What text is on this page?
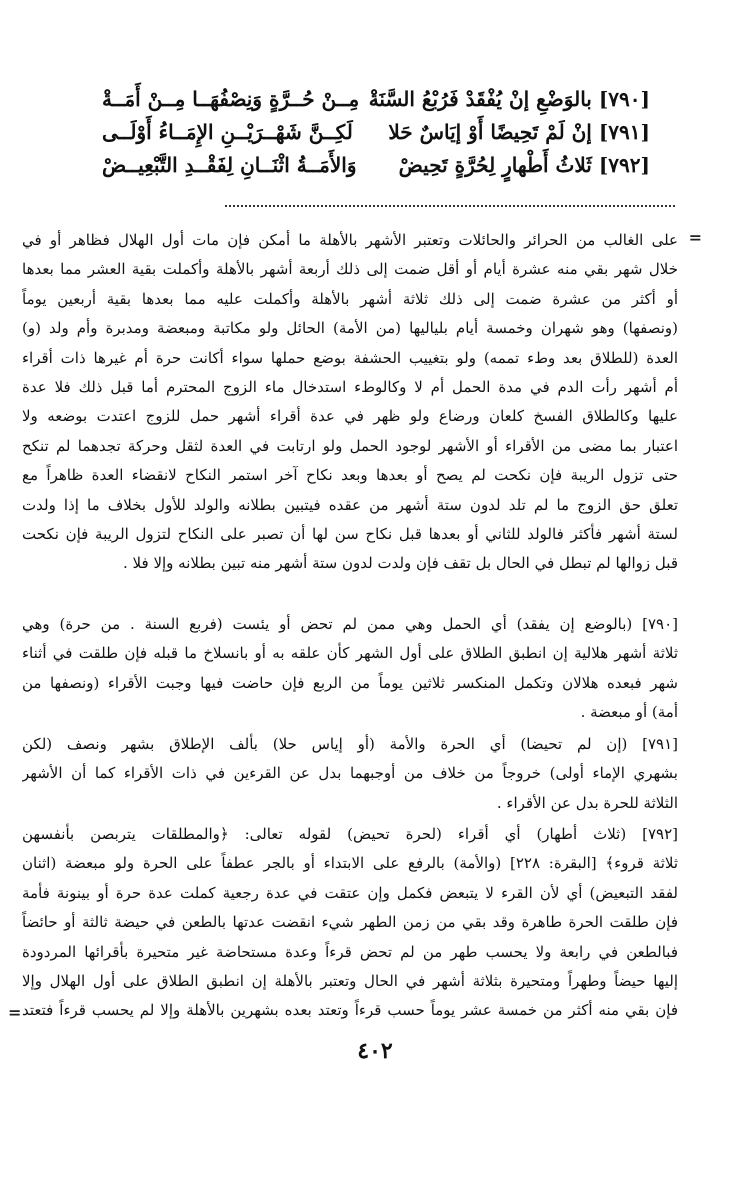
[٧٩٠] بالوَضْعِ إنْ يُفْقَدْ فَرُبْعُ السَّنَةْ
مِــنْ حُــرَّةٍ وَنِصْفُهَــا مِــنْ أَمَــةْ
[٧٩١] إنْ لَمْ تَحِيضًا أَوْ إيَاسٌ حَلا
لَكِــنَّ شَهْــرَيْــنِ الإِمَــاءُ أَوْلَــى
[٧٩٢] ثَلاثُ أَطْهارٍ لِحُرَّةٍ تَحِيضْ
وَالأَمَــةُ اثْنَــانِ لِفَقْــدِ التَّبْعِيــضْ
=
على الغالب من الحرائر والحائلات وتعتبر الأشهر بالأهلة ما أمكن فإن مات أول الهلال فظاهر أو في
خلال شهر بقي منه عشرة أيام أو أقل ضمت إلى ذلك أربعة أشهر بالأهلة وأكملت بقية العشر مما بعدها
أو أكثر من عشرة ضمت إلى ذلك ثلاثة أشهر بالأهلة وأكملت عليه مما بعدها بقية أربعين يوماً
(ونصفها) وهو شهران وخمسة أيام بلياليها (من الأمة) الحائل ولو مكاتبة ومبعضة ومدبرة وأم ولد (و)
العدة (للطلاق بعد وطء تممه) ولو بتغييب الحشفة بوضع حملها سواء أكانت حرة أم غيرها ذات أقراء
أم أشهر رأت الدم في مدة الحمل أم لا وكالوطء استدخال ماء الزوج المحترم أما قبل ذلك فلا عدة
عليها وكالطلاق الفسخ كلعان ورضاع ولو ظهر في عدة أقراء أشهر حمل للزوج اعتدت بوضعه ولا
اعتبار بما مضى من الأقراء أو الأشهر لوجود الحمل ولو ارتابت في العدة لثقل وحركة تجدهما لم تنكح
حتى تزول الريبة فإن نكحت لم يصح أو بعدها وبعد نكاح آخر استمر النكاح لانقضاء العدة ظاهراً مع
تعلق حق الزوج ما لم تلد لدون ستة أشهر من عقده فيتبين بطلانه والولد للأول بخلاف ما إذا ولدت
لستة أشهر فأكثر فالولد للثاني أو بعدها قبل نكاح سن لها أن تصبر على النكاح لتزول الريبة فإن نكحت
قبل زوالها لم تبطل في الحال بل تقف فإن ولدت لدون ستة أشهر منه تبين بطلانه وإلا فلا .
[٧٩٠] (بالوضع إن يفقد) أي الحمل وهي ممن لم تحض أو يئست (فربع السنة . من حرة) وهي
ثلاثة أشهر هلالية إن انطبق الطلاق على أول الشهر كأن علقه به أو بانسلاخ ما قبله فإن طلقت في أثناء
شهر فبعده هلالان وتكمل المنكسر ثلاثين يوماً من الربع فإن حاضت فيها وجبت الأقراء (ونصفها من
أمة) أو مبعضة .
[٧٩١] (إن لم تحيضا) أي الحرة والأمة (أو إياس حلا) بألف الإطلاق بشهر ونصف (لكن
بشهري الإماء أولى) خروجاً من خلاف من أوجبهما بدل عن القرءين في ذات الأقراء كما أن الأشهر
الثلاثة للحرة بدل عن الأقراء .
[٧٩٢] (ثلاث أطهار) أي أقراء (لحرة تحيض) لقوله تعالى: ﴿والمطلقات يتربصن بأنفسهن
ثلاثة قروء﴾ [البقرة: ٢٢٨] (والأمة) بالرفع على الابتداء أو بالجر عطفاً على الحرة ولو مبعضة (اثنان
لفقد التبعيض) أي لأن القرء لا يتبعض فكمل وإن عتقت في عدة رجعية كملت عدة حرة أو بينونة فأمة
فإن طلقت الحرة طاهرة وقد بقي من زمن الطهر شيء انقضت عدتها بالطعن في حيضة ثالثة أو حائضاً
فبالطعن في رابعة ولا يحسب طهر من لم تحض قرءاً وعدة مستحاضة غير متحيرة بأقرائها المردودة
إليها حيضاً وطهراً ومتحيرة بثلاثة أشهر في الحال وتعتبر بالأهلة إن انطبق الطلاق على أول الهلال وإلا
فإن بقي منه أكثر من خمسة عشر يوماً حسب قرءاً وتعتد بعده بشهرين بالأهلة وإلا لم يحسب قرءاً فتعتد
=
٤٠٢
